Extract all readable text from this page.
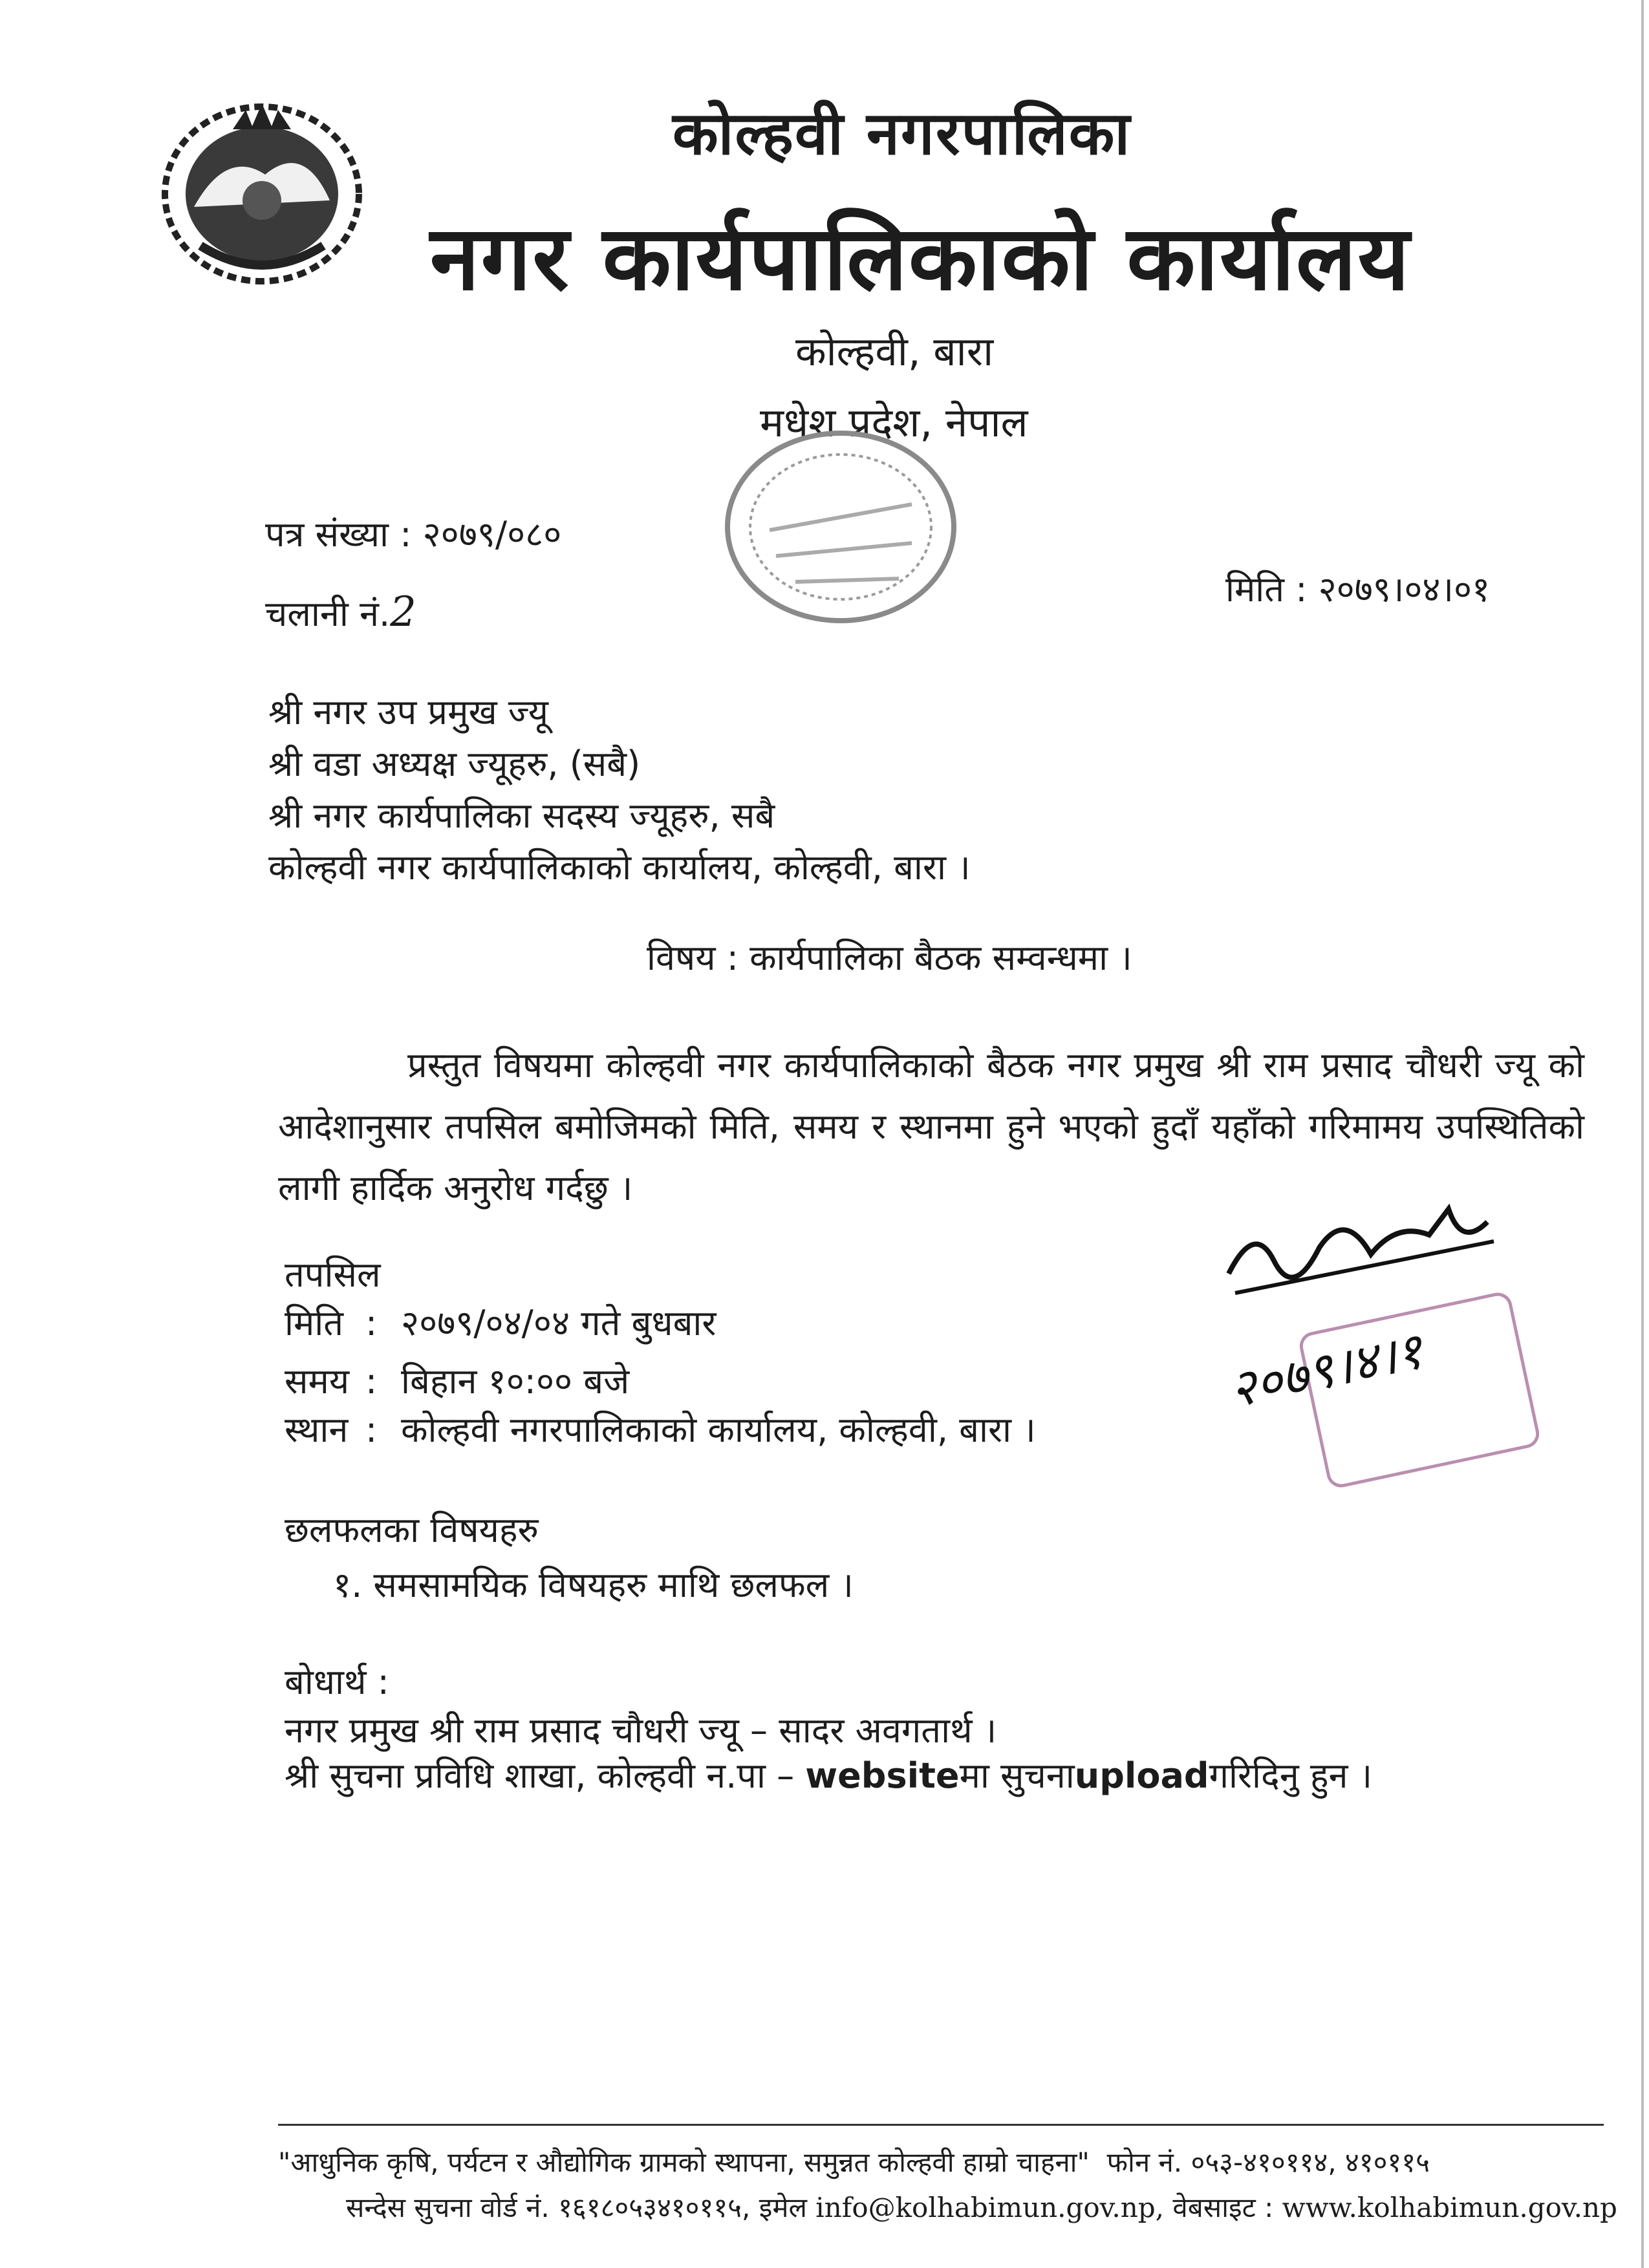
कोल्हवी नगरपालिका
नगर कार्यपालिकाको कार्यालय
कोल्हवी, बारा
मधेश प्रदेश, नेपाल
पत्र संख्या : २०७९/०८०
चलानी नं.2	मिति : २०७९।०४।०१
श्री नगर उप प्रमुख ज्यू
श्री वडा अध्यक्ष ज्यूहरु, (सबै)
श्री नगर कार्यपालिका सदस्य ज्यूहरु, सबै
कोल्हवी नगर कार्यपालिकाको कार्यालय, कोल्हवी, बारा ।
विषय : कार्यपालिका बैठक सम्वन्धमा ।
प्रस्तुत विषयमा कोल्हवी नगर कार्यपालिकाको बैठक नगर प्रमुख श्री राम प्रसाद चौधरी ज्यू को आदेशानुसार तपसिल बमोजिमको मिति, समय र स्थानमा हुने भएको हुदाँ यहाँको गरिमामय उपस्थितिको लागी हार्दिक अनुरोध गर्दछु ।
तपसिल
मिति : २०७९/०४/०४ गते बुधबार
समय : बिहान १०:०० बजे
स्थान : कोल्हवी नगरपालिकाको कार्यालय, कोल्हवी, बारा ।
२०७९।४।१
छलफलका विषयहरु
१. समसामयिक विषयहरु माथि छलफल ।
बोधार्थ :
नगर प्रमुख श्री राम प्रसाद चौधरी ज्यू – सादर अवगतार्थ ।
श्री सुचना प्रविधि शाखा, कोल्हवी न.पा – websiteमा सुचनाuploadगरिदिनु हुन ।
"आधुनिक कृषि, पर्यटन र औद्योगिक ग्रामको स्थापना, समुन्नत कोल्हवी हाम्रो चाहना" फोन नं. ०५३-४१०११४, ४१०११५
सन्देस सुचना वोर्ड नं. १६१८०५३४१०११५, इमेल info@kolhabimun.gov.np, वेबसाइट : www.kolhabimun.gov.np
